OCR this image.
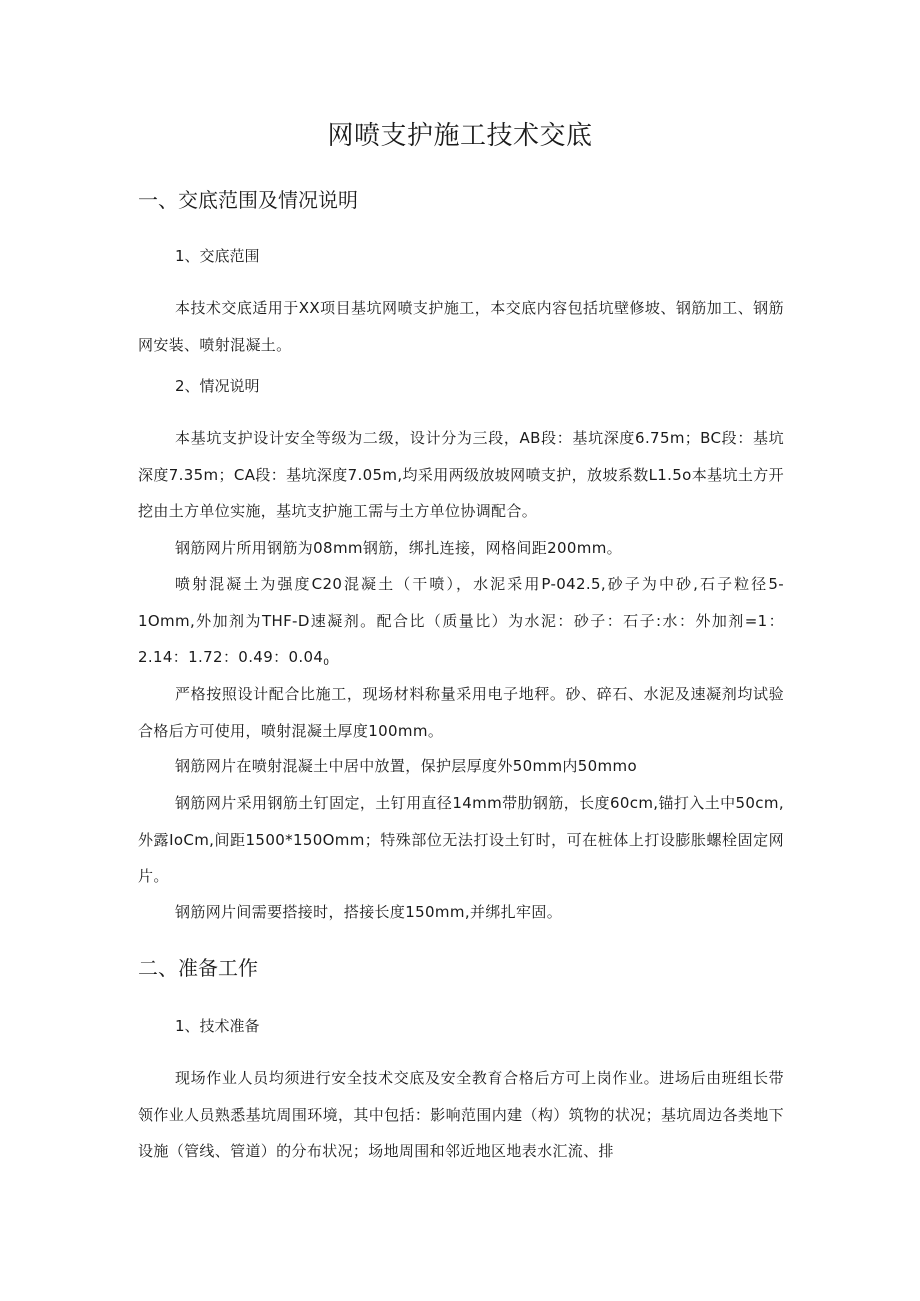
网喷支护施工技术交底
一、交底范围及情况说明
1、交底范围

本技术交底适用于XX项目基坑网喷支护施工，本交底内容包括坑壁修坡、钢筋加工、钢筋网安装、喷射混凝土。

2、情况说明

本基坑支护设计安全等级为二级，设计分为三段，AB段：基坑深度6.75m；BC段：基坑深度7.35m；CA段：基坑深度7.05m,均采用两级放坡网喷支护，放坡系数L1.5o本基坑土方开挖由土方单位实施，基坑支护施工需与土方单位协调配合。

钢筋网片所用钢筋为08mm钢筋，绑扎连接，网格间距200mm。

喷射混凝土为强度C20混凝土（干喷），水泥采用P-042.5,砂子为中砂,石子粒径5-1Omm,外加剂为THF-D速凝剂。配合比（质量比）为水泥：砂子：石子:水：外加剂=1：2.14：1.72：0.49：$0.04_0$

严格按照设计配合比施工，现场材料称量采用电子地秤。砂、碎石、水泥及速凝剂均试验合格后方可使用，喷射混凝土厚度100mm。

钢筋网片在喷射混凝土中居中放置，保护层厚度外50mm内50mmo

钢筋网片采用钢筋土钉固定，土钉用直径14mm带肋钢筋，长度60cm,锚打入土中50cm,外露IoCm,间距1500*150Omm；特殊部位无法打设土钉时，可在桩体上打设膨胀螺栓固定网片。

钢筋网片间需要搭接时，搭接长度150mm,并绑扎牢固。

二、准备工作
1、技术准备

现场作业人员均须进行安全技术交底及安全教育合格后方可上岗作业。进场后由班组长带领作业人员熟悉基坑周围环境，其中包括：影响范围内建（构）筑物的状况；基坑周边各类地下设施（管线、管道）的分布状况；场地周围和邻近地区地表水汇流、排
